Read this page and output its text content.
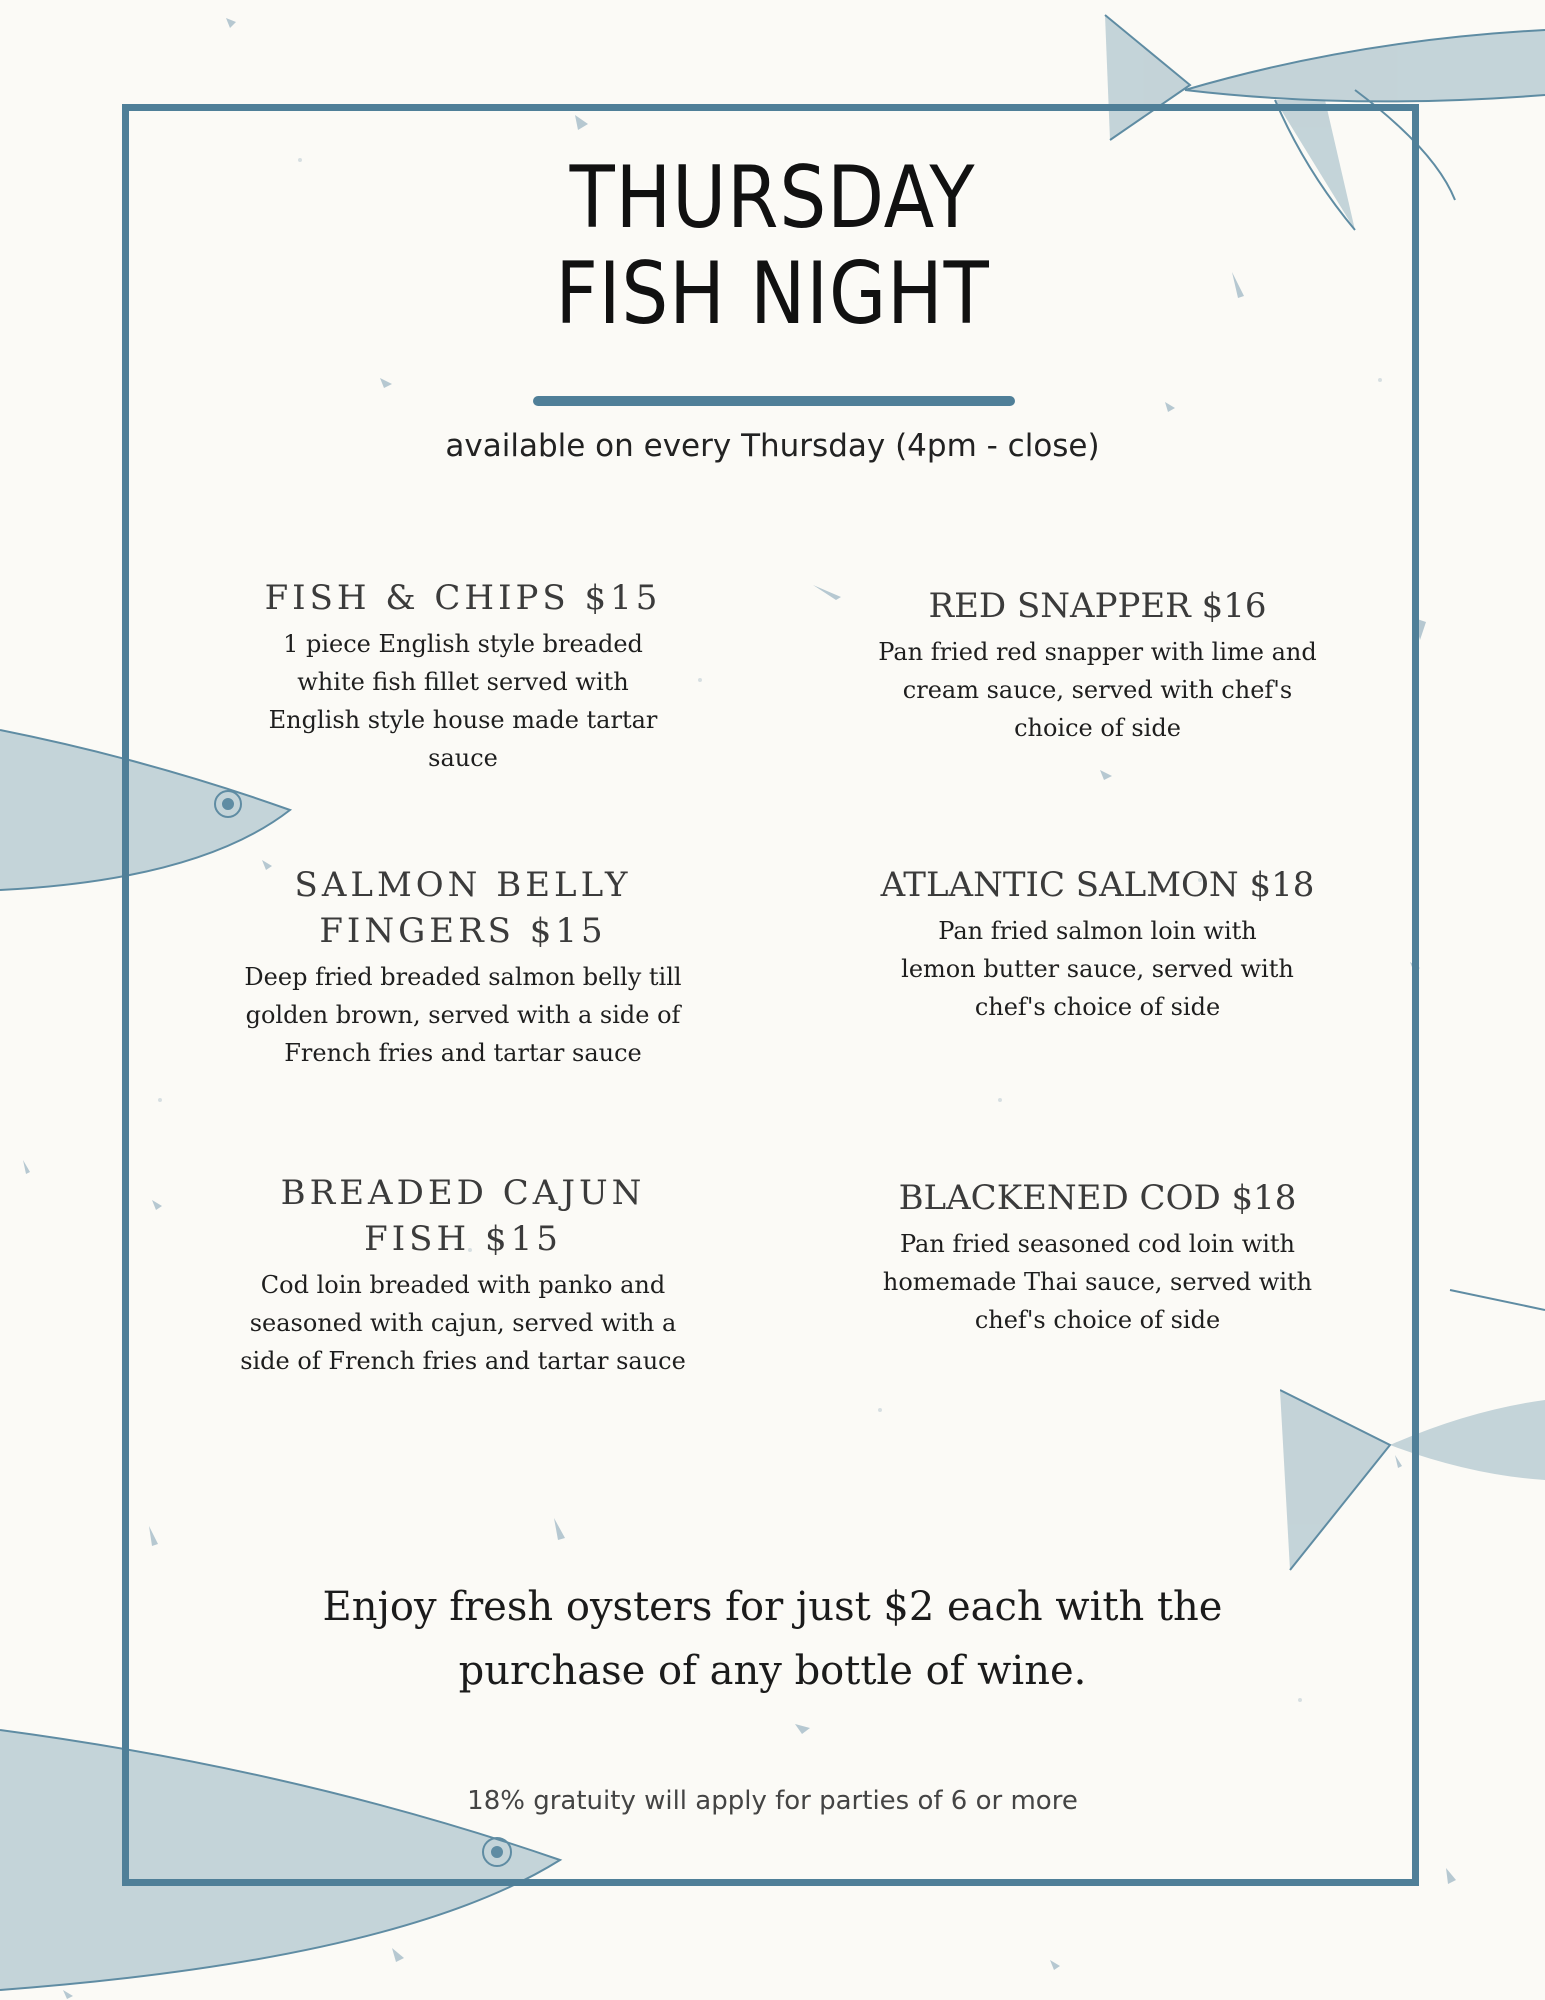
THURSDAY
FISH NIGHT
available on every Thursday (4pm - close)
FISH & CHIPS $15
1 piece English style breaded white fish fillet served with English style house made tartar sauce
SALMON BELLY FINGERS $15
Deep fried breaded salmon belly till golden brown, served with a side of French fries and tartar sauce
BREADED CAJUN FISH $15
Cod loin breaded with panko and seasoned with cajun, served with a side of French fries and tartar sauce
RED SNAPPER $16
Pan fried red snapper with lime and cream sauce, served with chef's choice of side
ATLANTIC SALMON $18
Pan fried salmon loin with lemon butter sauce, served with chef's choice of side
BLACKENED COD $18
Pan fried seasoned cod loin with homemade Thai sauce, served with chef's choice of side
Enjoy fresh oysters for just $2 each with the purchase of any bottle of wine.
18% gratuity will apply for parties of 6 or more
